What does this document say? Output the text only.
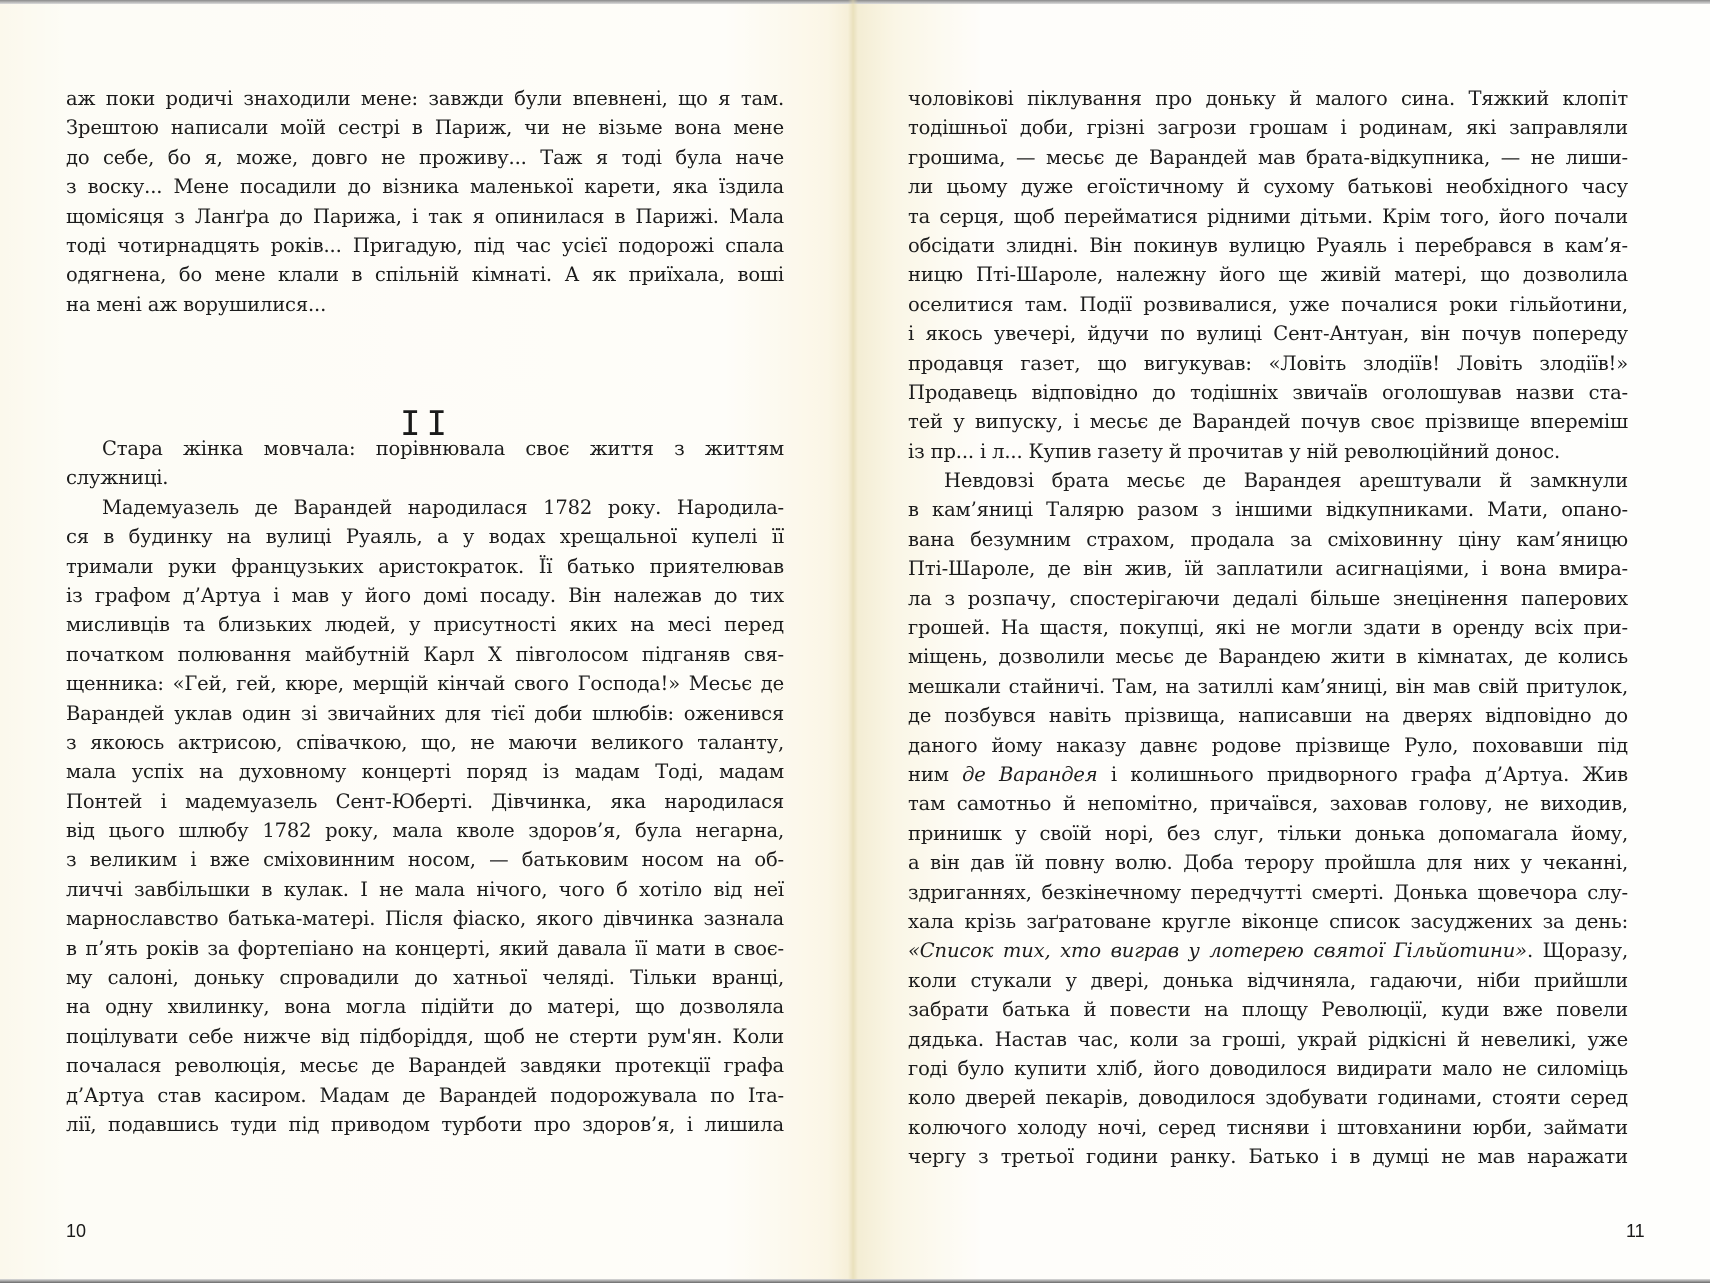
аж поки родичі знаходили мене: завжди були впевнені, що я там.
Зрештою написали моїй сестрі в Париж, чи не візьме вона мене
до себе, бо я, може, довго не проживу... Таж я тоді була наче
з воску... Мене посадили до візника маленької карети, яка їздила
щомісяця з Ланґра до Парижа, і так я опинилася в Парижі. Мала
тоді чотирнадцять років... Пригадую, під час усієї подорожі спала
одягнена, бо мене клали в спільній кімнаті. А як приїхала, воші
на мені аж ворушилися...
II
Стара жінка мовчала: порівнювала своє життя з життям
служниці.
Мадемуазель де Варандей народилася 1782 року. Народила-
ся в будинку на вулиці Руаяль, а у водах хрещальної купелі її
тримали руки французьких аристократок. Її батько приятелював
із графом д’Артуа і мав у його домі посаду. Він належав до тих
мисливців та близьких людей, у присутності яких на месі перед
початком полювання майбутній Карл X півголосом підганяв свя-
щенника: «Гей, гей, кюре, мерщій кінчай свого Господа!» Месьє де
Варандей уклав один зі звичайних для тієї доби шлюбів: оженився
з якоюсь актрисою, співачкою, що, не маючи великого таланту,
мала успіх на духовному концерті поряд із мадам Тоді, мадам
Понтей і мадемуазель Сент-Юберті. Дівчинка, яка народилася
від цього шлюбу 1782 року, мала кволе здоров’я, була негарна,
з великим і вже сміховинним носом, — батьковим носом на об-
личчі завбільшки в кулак. І не мала нічого, чого б хотіло від неї
марнославство батька-матері. Після фіаско, якого дівчинка зазнала
в п’ять років за фортепіано на концерті, який давала її мати в своє-
му салоні, доньку спровадили до хатньої челяді. Тільки вранці,
на одну хвилинку, вона могла підійти до матері, що дозволяла
поцілувати себе нижче від підборіддя, щоб не стерти рум'ян. Коли
почалася революція, месьє де Варандей завдяки протекції графа
д’Артуа став касиром. Мадам де Варандей подорожувала по Іта-
лії, подавшись туди під приводом турботи про здоров’я, і лишила
10
чоловікові піклування про доньку й малого сина. Тяжкий клопіт
тодішньої доби, грізні загрози грошам і родинам, які заправляли
грошима, — месьє де Варандей мав брата-відкупника, — не лиши-
ли цьому дуже егоїстичному й сухому батькові необхідного часу
та серця, щоб перейматися рідними дітьми. Крім того, його почали
обсідати злидні. Він покинув вулицю Руаяль і перебрався в кам’я-
ницю Пті-Шароле, належну його ще живій матері, що дозволила
оселитися там. Події розвивалися, уже почалися роки гільйотини,
і якось увечері, йдучи по вулиці Сент-Антуан, він почув попереду
продавця газет, що вигукував: «Ловіть злодіїв! Ловіть злодіїв!»
Продавець відповідно до тодішніх звичаїв оголошував назви ста-
тей у випуску, і месьє де Варандей почув своє прізвище впереміш
із пр... і л... Купив газету й прочитав у ній революційний донос.
Невдовзі брата месьє де Варандея арештували й замкнули
в кам’яниці Талярю разом з іншими відкупниками. Мати, опано-
вана безумним страхом, продала за сміховинну ціну кам’яницю
Пті-Шароле, де він жив, їй заплатили асигнаціями, і вона вмира-
ла з розпачу, спостерігаючи дедалі більше знецінення паперових
грошей. На щастя, покупці, які не могли здати в оренду всіх при-
міщень, дозволили месьє де Варандею жити в кімнатах, де колись
мешкали стайничі. Там, на затиллі кам’яниці, він мав свій притулок,
де позбувся навіть прізвища, написавши на дверях відповідно до
даного йому наказу давнє родове прізвище Руло, поховавши під
ним де Варандея і колишнього придворного графа д’Артуа. Жив
там самотньо й непомітно, причаївся, заховав голову, не виходив,
принишк у своїй норі, без слуг, тільки донька допомагала йому,
а він дав їй повну волю. Доба терору пройшла для них у чеканні,
здриганнях, безкінечному передчутті смерті. Донька щовечора слу-
хала крізь заґратоване кругле віконце список засуджених за день:
«Список тих, хто виграв у лотерею святої Гільйотини». Щоразу,
коли стукали у двері, донька відчиняла, гадаючи, ніби прийшли
забрати батька й повести на площу Революції, куди вже повели
дядька. Настав час, коли за гроші, украй рідкісні й невеликі, уже
годі було купити хліб, його доводилося видирати мало не силоміць
коло дверей пекарів, доводилося здобувати годинами, стояти серед
колючого холоду ночі, серед тисняви і штовханини юрби, займати
чергу з третьої години ранку. Батько і в думці не мав наражати
11
